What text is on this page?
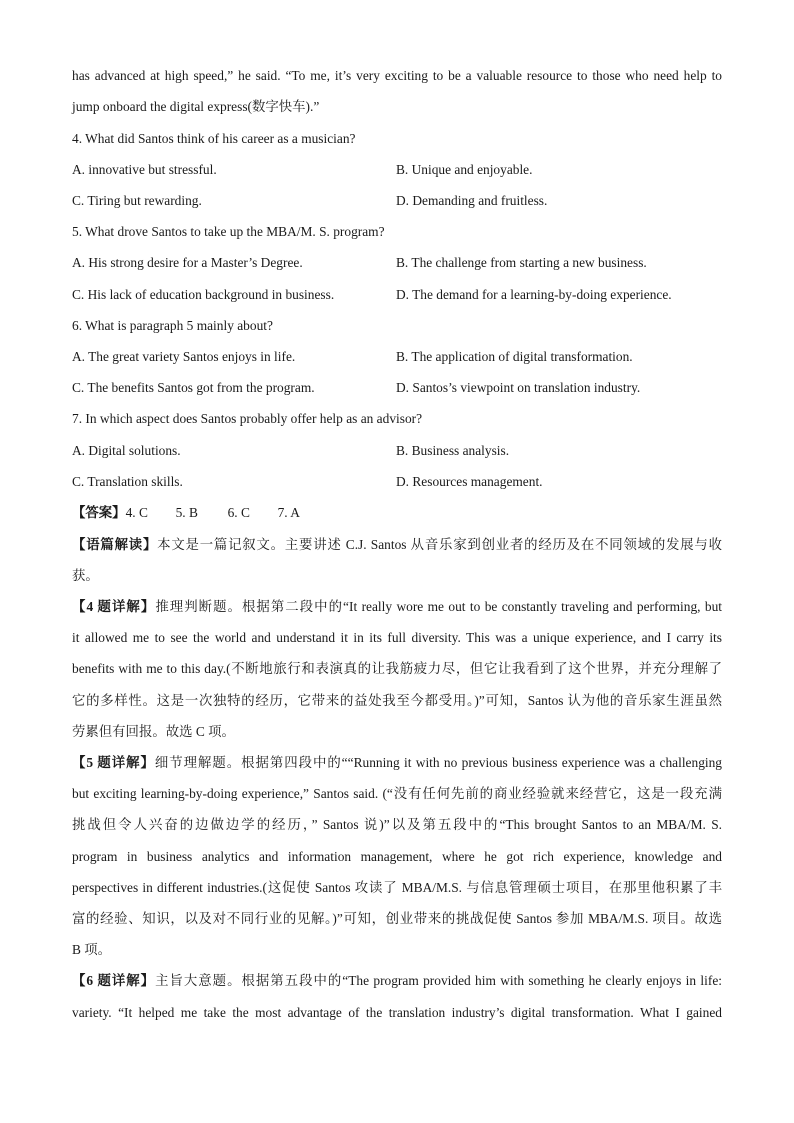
has advanced at high speed,” he said. “To me, it’s very exciting to be a valuable resource to those who need help to
jump onboard the digital express(数字快车).”
4. What did Santos think of his career as a musician?
A. innovative but stressful.	B. Unique and enjoyable.
C. Tiring but rewarding.	D. Demanding and fruitless.
5. What drove Santos to take up the MBA/M. S. program?
A. His strong desire for a Master’s Degree.	B. The challenge from starting a new business.
C. His lack of education background in business.	D. The demand for a learning-by-doing experience.
6. What is paragraph 5 mainly about?
A. The great variety Santos enjoys in life.	B. The application of digital transformation.
C. The benefits Santos got from the program.	D. Santos’s viewpoint on translation industry.
7. In which aspect does Santos probably offer help as an advisor?
A. Digital solutions.	B. Business analysis.
C. Translation skills.	D. Resources management.
【答案】4. C 5. B 6. C 7. A
【语篇解读】本文是一篇记叙文。主要讲述 C.J. Santos 从音乐家到创业者的经历及在不同领域的发展与收
获。
【4 题详解】推理判断题。根据第二段中的“It really wore me out to be constantly traveling and performing, but
it allowed me to see the world and understand it in its full diversity. This was a unique experience, and I carry its
benefits with me to this day.(不断地旅行和表演真的让我筋疲力尽，但它让我看到了这个世界，并充分理解了
它的多样性。这是一次独特的经历，它带来的益处我至今都受用。)”可知，Santos 认为他的音乐家生涯虽然
劳累但有回报。故选 C 项。
【5 题详解】细节理解题。根据第四段中的““Running it with no previous business experience was a challenging
but exciting learning-by-doing experience,” Santos said. (“没有任何先前的商业经验就来经营它，这是一段充满
挑战但令人兴奋的边做边学的经历，” Santos 说)”以及第五段中的“This brought Santos to an MBA/M. S.
program in business analytics and information management, where he got rich experience, knowledge and
perspectives in different industries.(这促使 Santos 攻读了 MBA/M.S. 与信息管理硕士项目，在那里他积累了丰
富的经验、知识，以及对不同行业的见解。)”可知，创业带来的挑战促使 Santos 参加 MBA/M.S. 项目。故选
B 项。
【6 题详解】主旨大意题。根据第五段中的“The program provided him with something he clearly enjoys in life:
variety. “It helped me take the most advantage of the translation industry’s digital transformation. What I gained
